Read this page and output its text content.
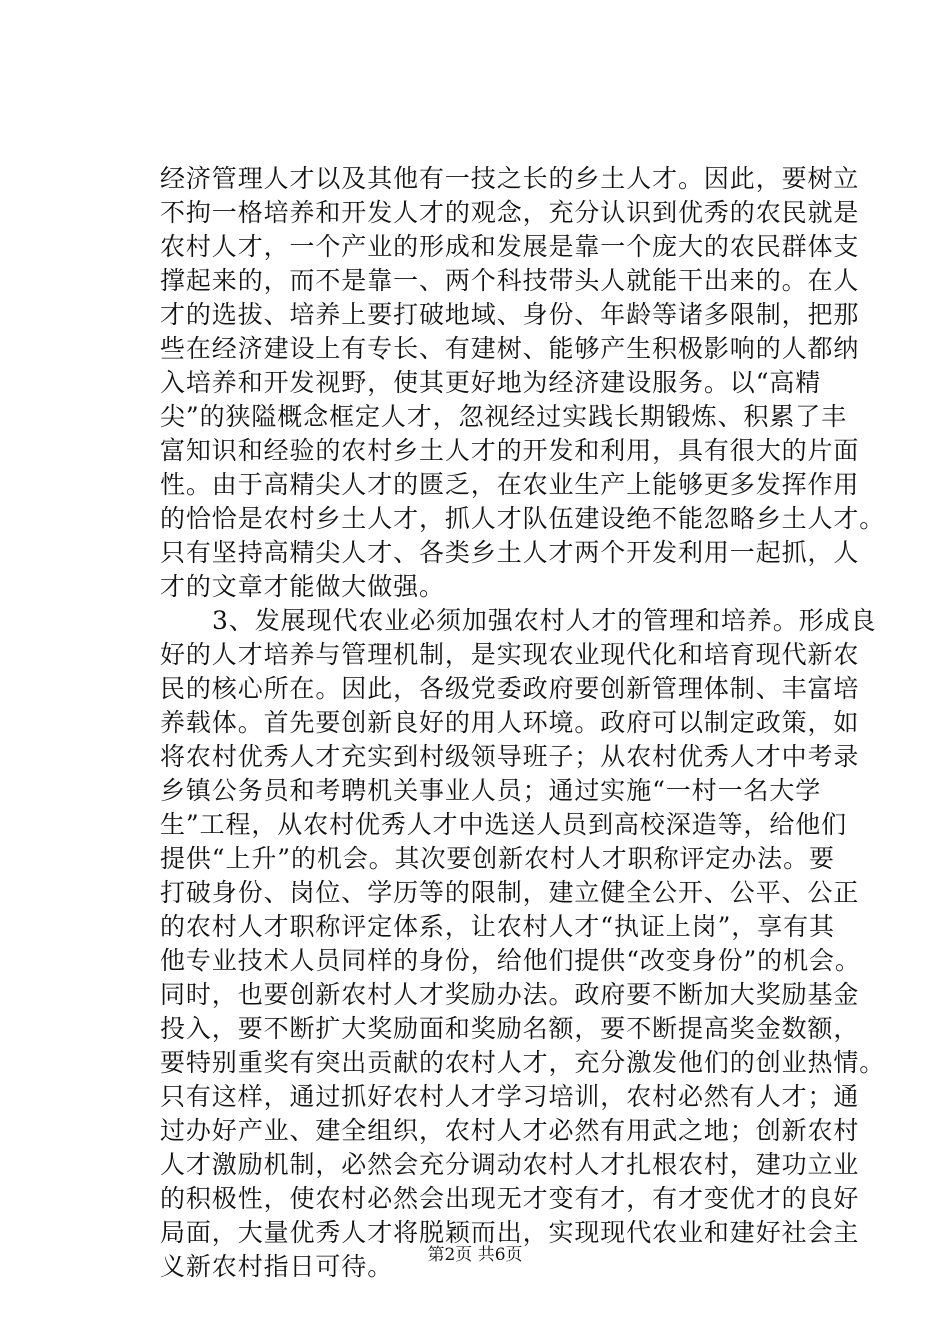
经济管理人才以及其他有一技之长的乡土人才。因此，要树立
不拘一格培养和开发人才的观念，充分认识到优秀的农民就是
农村人才，一个产业的形成和发展是靠一个庞大的农民群体支
撑起来的，而不是靠一、两个科技带头人就能干出来的。在人
才的选拔、培养上要打破地域、身份、年龄等诸多限制，把那
些在经济建设上有专长、有建树、能够产生积极影响的人都纳
入培养和开发视野，使其更好地为经济建设服务。以“高精
尖”的狭隘概念框定人才，忽视经过实践长期锻炼、积累了丰
富知识和经验的农村乡土人才的开发和利用，具有很大的片面
性。由于高精尖人才的匮乏，在农业生产上能够更多发挥作用
的恰恰是农村乡土人才，抓人才队伍建设绝不能忽略乡土人才。
只有坚持高精尖人才、各类乡土人才两个开发利用一起抓，人
才的文章才能做大做强。
3、发展现代农业必须加强农村人才的管理和培养。形成良
好的人才培养与管理机制，是实现农业现代化和培育现代新农
民的核心所在。因此，各级党委政府要创新管理体制、丰富培
养载体。首先要创新良好的用人环境。政府可以制定政策，如
将农村优秀人才充实到村级领导班子；从农村优秀人才中考录
乡镇公务员和考聘机关事业人员；通过实施“一村一名大学
生”工程，从农村优秀人才中选送人员到高校深造等，给他们
提供“上升”的机会。其次要创新农村人才职称评定办法。要
打破身份、岗位、学历等的限制，建立健全公开、公平、公正
的农村人才职称评定体系，让农村人才“执证上岗”，享有其
他专业技术人员同样的身份，给他们提供“改变身份”的机会。
同时，也要创新农村人才奖励办法。政府要不断加大奖励基金
投入，要不断扩大奖励面和奖励名额，要不断提高奖金数额，
要特别重奖有突出贡献的农村人才，充分激发他们的创业热情。
只有这样，通过抓好农村人才学习培训，农村必然有人才；通
过办好产业、建全组织，农村人才必然有用武之地；创新农村
人才激励机制，必然会充分调动农村人才扎根农村，建功立业
的积极性，使农村必然会出现无才变有才，有才变优才的良好
局面，大量优秀人才将脱颖而出，实现现代农业和建好社会主
义新农村指日可待。	第2页 共6页
